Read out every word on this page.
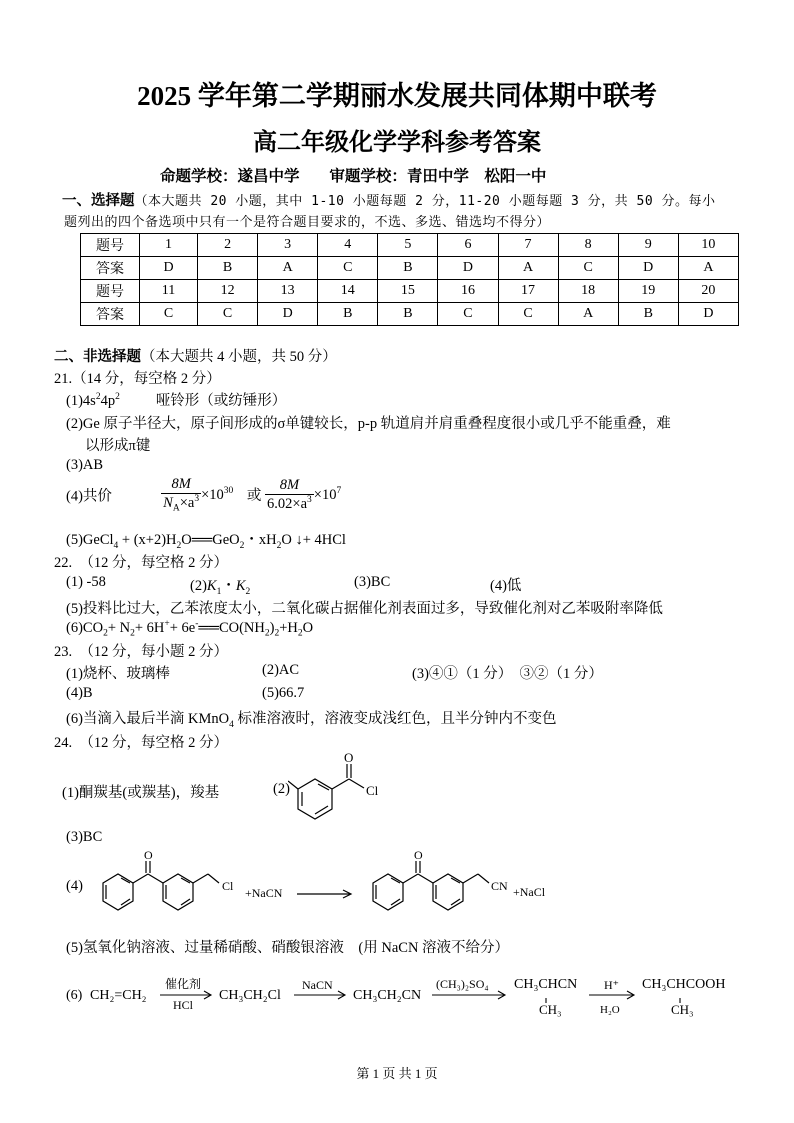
2025 学年第二学期丽水发展共同体期中联考
高二年级化学学科参考答案
命题学校：遂昌中学 审题学校：青田中学　松阳一中
一、选择题（本大题共 20 小题，其中 1-10 小题每题 2 分，11-20 小题每题 3 分，共 50 分。每小
题列出的四个备选项中只有一个是符合题目要求的，不选、多选、错选均不得分）
题号	1	2	3	4	5	6	7	8	9	10
答案	D	B	A	C	B	D	A	C	D	A
题号	11	12	13	14	15	16	17	18	19	20
答案	C	C	D	B	B	C	C	A	B	D
二、非选择题（本大题共 4 小题，共 50 分）
21.（14 分，每空格 2 分）
$(1)4s^24p^2$ 哑铃形（或纺锤形）
(2)Ge 原子半径大，原子间形成的σ单键较长，p-p 轨道肩并肩重叠程度很小或几乎不能重叠，难
以形成π键
(3)AB
(4)共价	$\frac{8M}{N_A\times a^3} \times 10^{30}$ 或 $\frac{8M}{6.02\times a^3} \times 10^7$
(5)GeCl$_4$ + $(x+2)H_2O══GeO_2$・$xH_2O$ ↓+ 4HCl
22.　（12 分，每空格 2 分）
(1) -58	$(2)K_1$・$K_2$
(3)BC	(4)低
(5)投料比过大，乙苯浓度太小，二氧化碳占据催化剂表面过多，导致催化剂对乙苯吸附率降低
$(6)CO_2+ N_2+ 6H^++$ $6e^-══CO(NH_2)_2+H_2O$
23.　（12 分，每小题 2 分）
(1)烧杯、玻璃棒	(2)AC	(3)④①（1 分）　③②（1 分）
(4)B	(5)66.7
(6)当滴入最后半滴 KMnO$_4$ 标准溶液时，溶液变成浅红色，且半分钟内不变色
24.　（12 分，每空格 2 分）
(1)酮羰基(或羰基)，羧基	(2)
O
Cl
(3)BC
(4)
O
Cl +NaCN
O
CN +NaCl
(5)氢氧化钠溶液、过量稀硝酸、硝酸银溶液　(用 NaCN 溶液不给分）
(6) CH₂=CH₂
催化剂
HCl
CH₃CH₂Cl
NaCN
CH₃CH₂CN
(CH₃)₂SO₄ CH₃CHCN
CH₃
H⁺
H₂O
CH₃CHCOOH
CH₃
第 1 页 共 1 页
